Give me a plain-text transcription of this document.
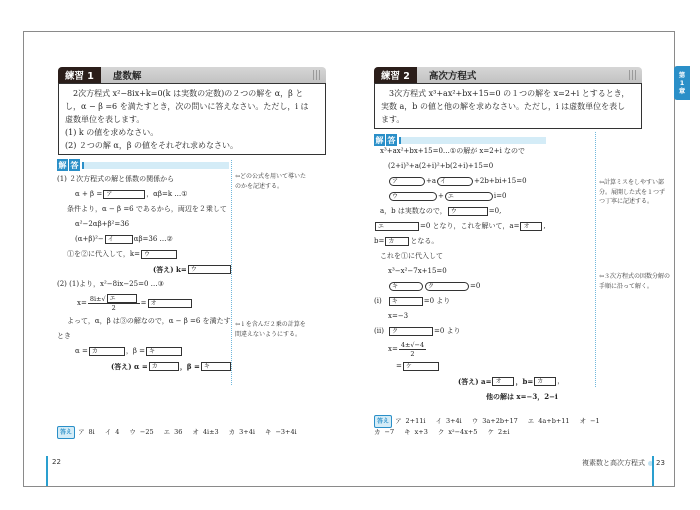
練習 1	虚数解

2次方程式 x²−8ix+k=0(k は実数の定数)の２つの解を α，β と

し，α − β =6 を満たすとき，次の問いに答えなさい。ただし，i は

虚数単位を表します。

(1) k の値を求めなさい。

(2) ２つの解 α，β の値をそれぞれ求めなさい。

解 答
(1) ２次方程式の解と係数の関係から
α + β = ア	，αβ=k …①
条件より，α − β =6 であるから，両辺を２乗して
α²−2αβ+β²=36
(α+β)²− イ	αβ=36 …②
①を②に代入して，k= ウ
(答え) k= ウ
(2) (1)より，x²−8ix−25=0 …③
$x= \frac{\text{8i±√ エ}}{2}$ = オ
よって，α，β は③の解なので，α − β =6 を満たす
とき
α = カ	，β = キ
(答え) α = カ	，β = キ
⇦どの公式を用いて導いた
のかを記述する。
⇦ i を含んだ２乗の計算を
間違えないようにする。
答え ア 8i イ 4 ウ −25 エ 36 オ 4i±3 カ 3+4i キ −3+4i
22
練習 2	高次方程式

3次方程式 x³+ax²+bx+15=0 の１つの解を x=2+i とするとき，

実数 a，b の値と他の解を求めなさい。ただし，i は虚数単位を表し

ます。

解 答
x³+ax²+bx+15=0…①の解が x=2+i なので
(2+i)³+a(2+i)²+b(2+i)+15=0
ア	+a イ	+2b+bi+15=0
ウ	+ エ	i=0
a，b は実数なので， ウ	=0,
エ	=0 となり，これを解いて，a= オ	,
b= カ	となる。
これを①に代入して
x³−x²−7x+15=0
キ	ク	=0
(i)	キ	=0 より
x=−3
(ii)	ク	=0 より
$x= \frac{4\pm√-4}{2}$
= ケ
(答え) a= オ	，b= カ	，
他の解は x=−3，2−i
⇦計算ミスをしやすい部
分。展開した式を１つず
つ丁寧に記述する。
⇦３次方程式の因数分解の
手順に沿って解く。
答え ア 2+11i イ 3+4i ウ 3a+2b+17 エ 4a+b+11 オ −1
カ −7 キ x+3 ク x²−4x+5 ケ 2±i
複素数と高次方程式 23
第
1
章
